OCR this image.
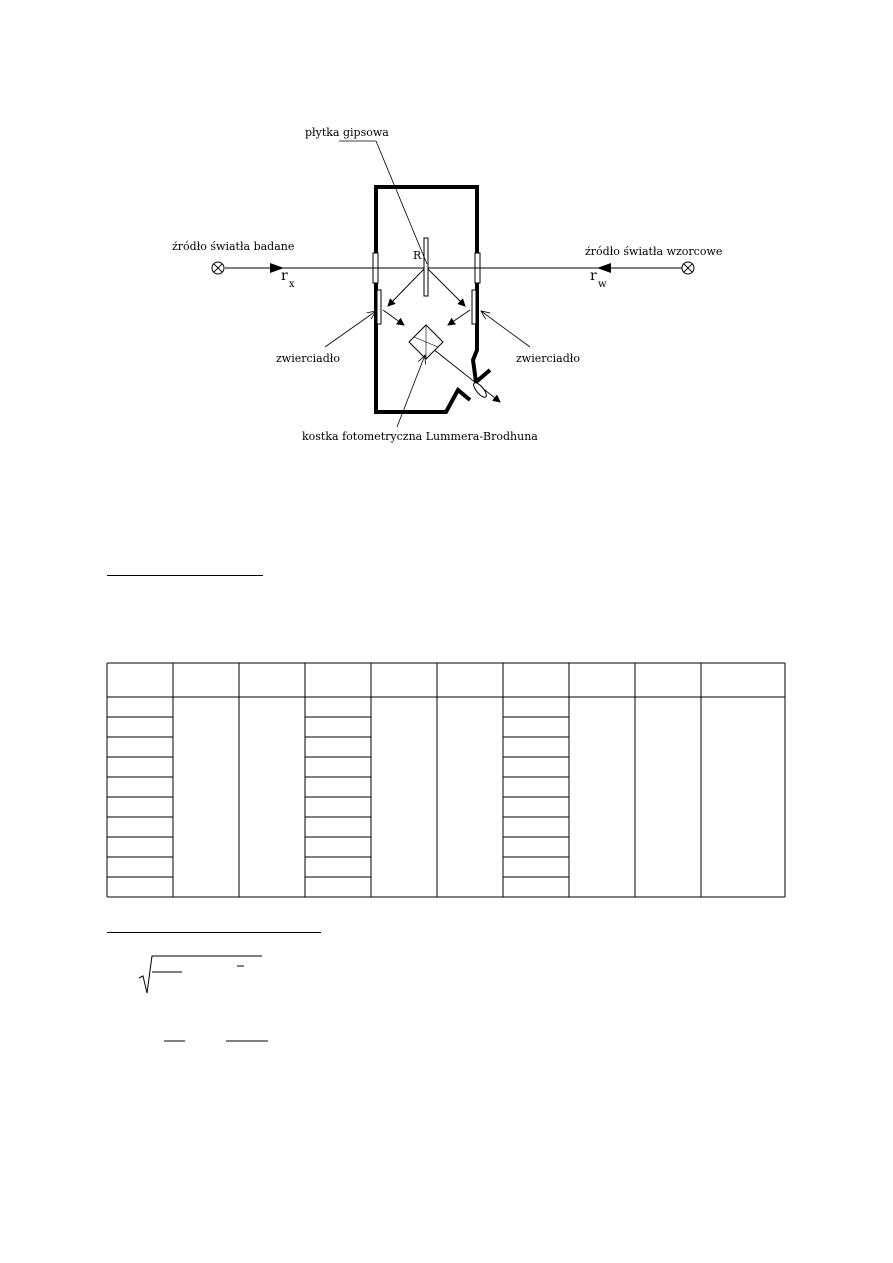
płytka gipsowa
źródło światła badane	źródło światła wzorcowe
zwierciadło	zwierciadło
kostka fotometryczna Lummera-Brodhuna
R
r
x
r
w
